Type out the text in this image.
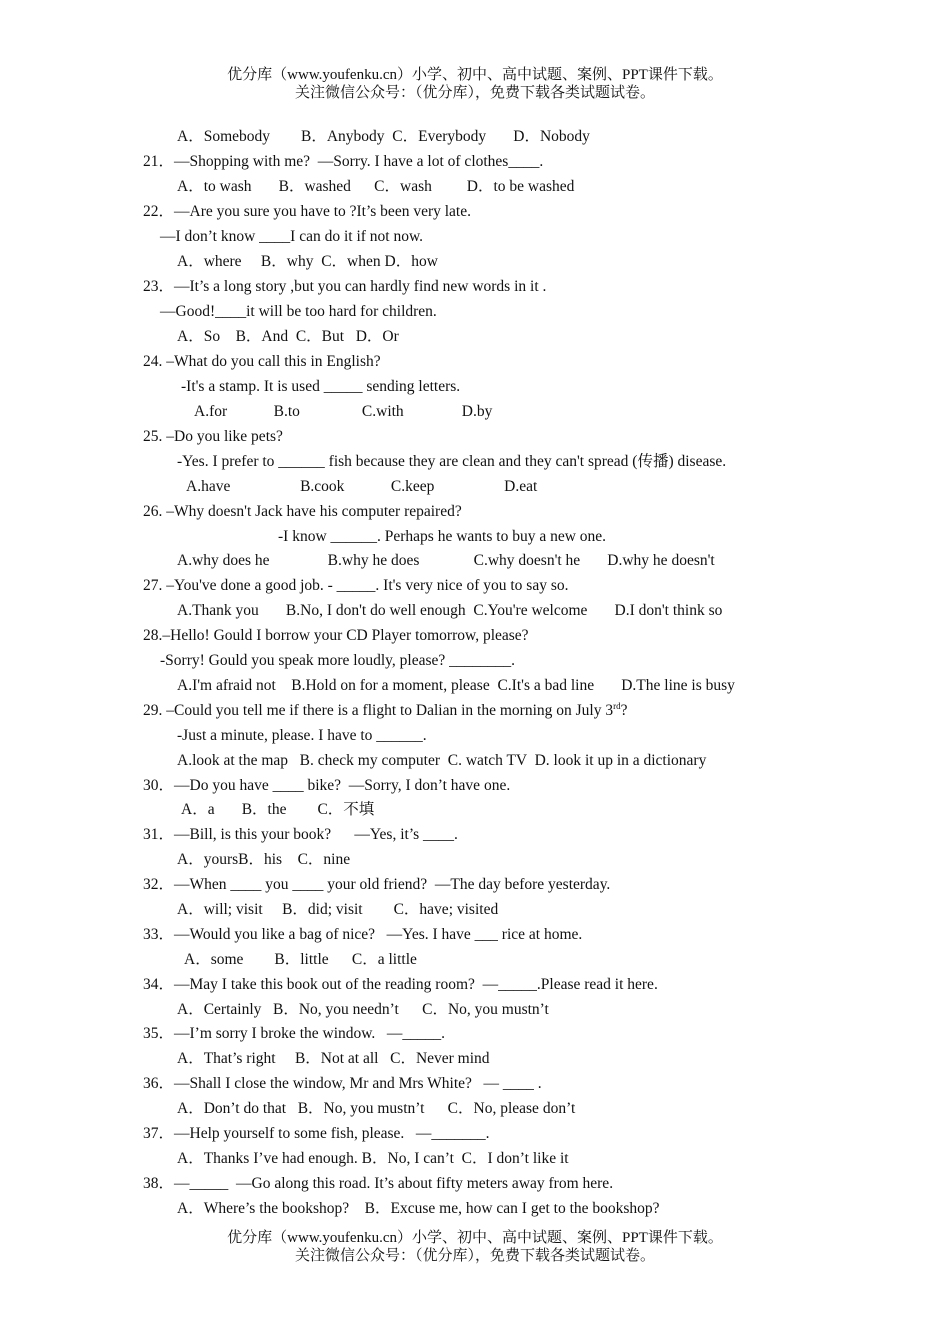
优分库（www.youfenku.cn）小学、初中、高中试题、案例、PPT课件下载。
关注微信公众号：（优分库），免费下载各类试题试卷。
A．Somebody        B．Anybody  C．Everybody       D．Nobody
21．—Shopping with me?  —Sorry. I have a lot of clothes____.
A．to wash       B．washed      C．wash         D．to be washed
22．—Are you sure you have to ?It’s been very late.
—I don’t know ____I can do it if not now.
A．where     B．why  C．when D．how
23．—It’s a long story ,but you can hardly find new words in it .
—Good!____it will be too hard for children.
A．So    B．And  C．But   D．Or
24. –What do you call this in English?
-It's a stamp. It is used _____ sending letters.
A.for            B.to                C.with               D.by
25. –Do you like pets?
-Yes. I prefer to ______ fish because they are clean and they can't spread (传播) disease.
A.have                  B.cook            C.keep                  D.eat
26. –Why doesn't Jack have his computer repaired?
-I know ______. Perhaps he wants to buy a new one.
A.why does he               B.why he does              C.why doesn't he       D.why he doesn't
27. –You've done a good job. - _____. It's very nice of you to say so.
A.Thank you       B.No, I don't do well enough  C.You're welcome       D.I don't think so
28.–Hello! Gould I borrow your CD Player tomorrow, please?
-Sorry! Gould you speak more loudly, please? ________.
A.I'm afraid not    B.Hold on for a moment, please  C.It's a bad line       D.The line is busy
-Just a minute, please. I have to ______.
A.look at the map   B. check my computer  C. watch TV  D. look it up in a dictionary
30．—Do you have ____ bike?  —Sorry, I don’t have one.
A．a       B．the        C．不填
31．—Bill, is this your book?      —Yes, it’s ____.
A．yoursB．his    C．nine
32．—When ____ you ____ your old friend?  —The day before yesterday.
A．will; visit     B．did; visit        C．have; visited
33．—Would you like a bag of nice?   —Yes. I have ___ rice at home.
A．some        B．little      C．a little
34．—May I take this book out of the reading room?  —_____.Please read it here.
A．Certainly   B．No, you needn’t      C．No, you mustn’t
35．—I’m sorry I broke the window.   —_____.
A．That’s right     B．Not at all   C．Never mind
36．—Shall I close the window, Mr and Mrs White?   — ____ .
A．Don’t do that   B．No, you mustn’t      C．No, please don’t
37．—Help yourself to some fish, please.   —_______.
A．Thanks I’ve had enough. B．No, I can’t  C．I don’t like it
38．—_____  —Go along this road. It’s about fifty meters away from here.
A．Where’s the bookshop?    B．Excuse me, how can I get to the bookshop?
29. –Could you tell me if there is a flight to Dalian in the morning on July 3rd?
优分库（www.youfenku.cn）小学、初中、高中试题、案例、PPT课件下载。
关注微信公众号：（优分库），免费下载各类试题试卷。
